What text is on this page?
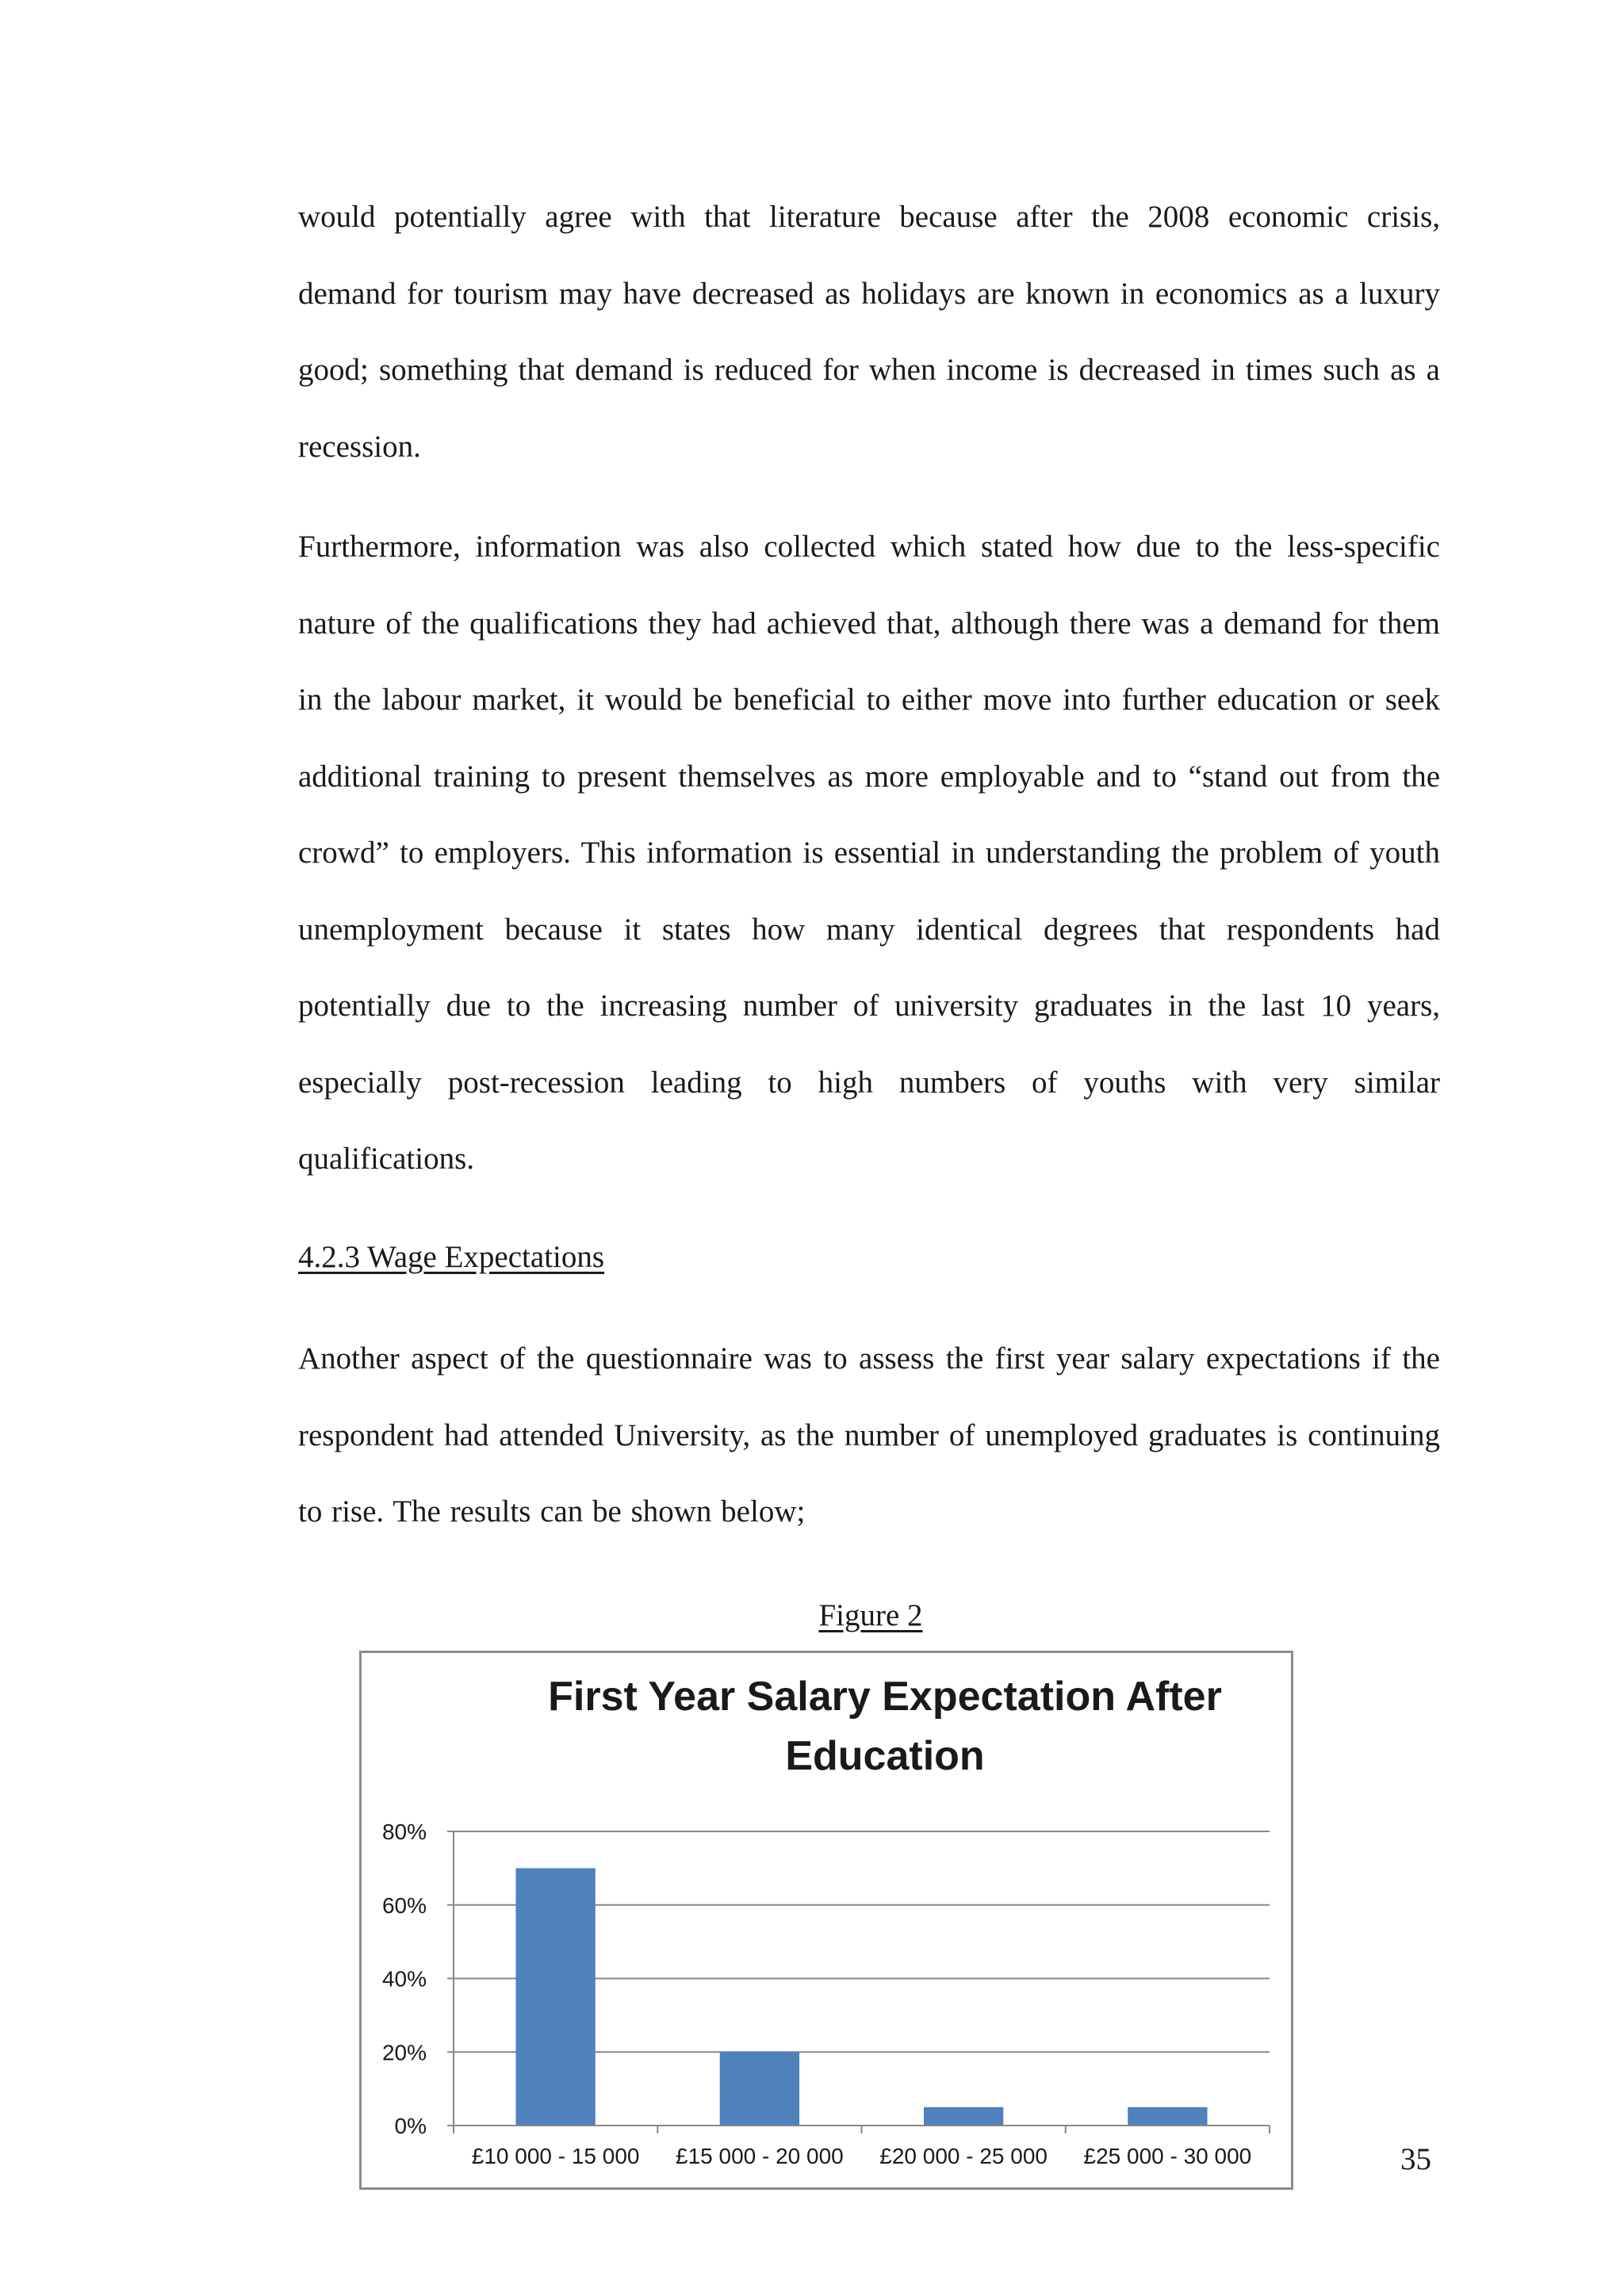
would potentially agree with that literature because after the 2008 economic crisis, demand for tourism may have decreased as holidays are known in economics as a luxury good; something that demand is reduced for when income is decreased in times such as a recession.

Furthermore, information was also collected which stated how due to the less-specific nature of the qualifications they had achieved that, although there was a demand for them in the labour market, it would be beneficial to either move into further education or seek additional training to present themselves as more employable and to “stand out from the crowd” to employers. This information is essential in understanding the problem of youth unemployment because it states how many identical degrees that respondents had potentially due to the increasing number of university graduates in the last 10 years, especially post-recession leading to high numbers of youths with very similar qualifications.

4.2.3 Wage Expectations

Another aspect of the questionnaire was to assess the first year salary expectations if the respondent had attended University, as the number of unemployed graduates is continuing to rise. The results can be shown below;

Figure 2

First Year Salary Expectation After
Education
0%
20%
40%
60%
80%
£10 000 - 15 000 £15 000 - 20 000 £20 000 - 25 000 £25 000 - 30 000	35
